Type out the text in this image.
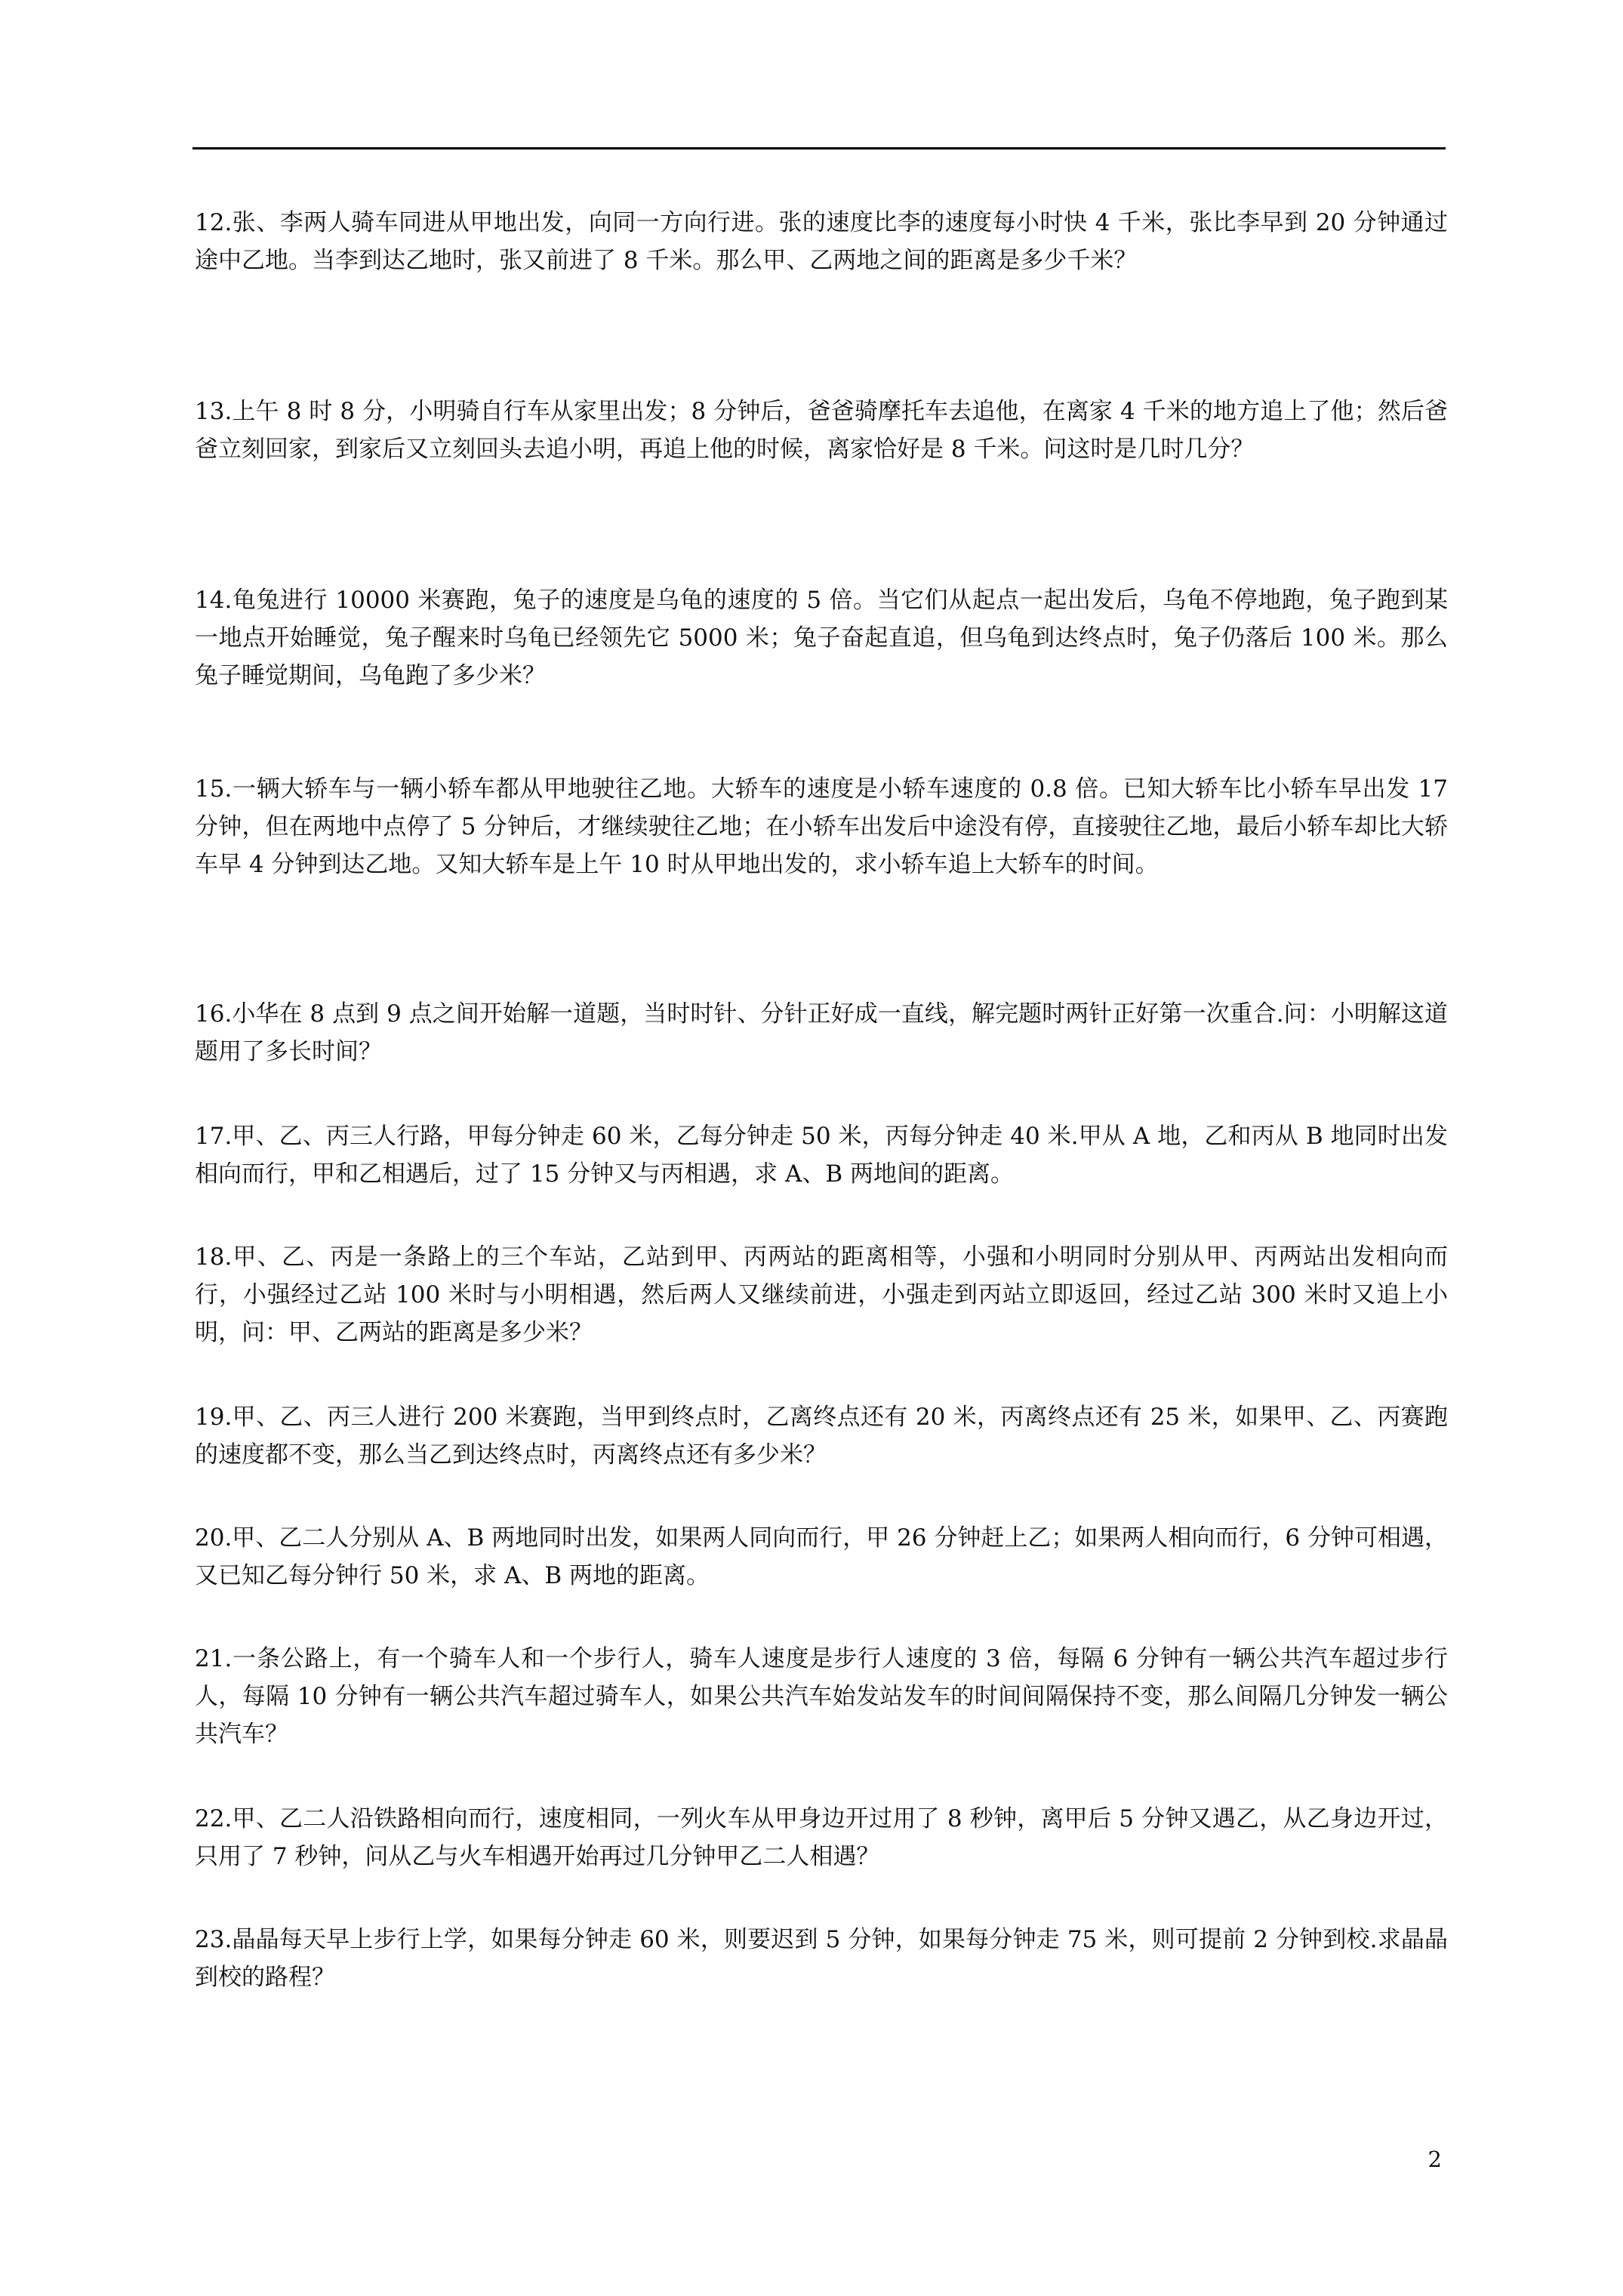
12.张、李两人骑车同进从甲地出发，向同一方向行进。张的速度比李的速度每小时快 4 千米，张比李早到 20 分钟通过途中乙地。当李到达乙地时，张又前进了 8 千米。那么甲、乙两地之间的距离是多少千米？
13.上午 8 时 8 分，小明骑自行车从家里出发；8 分钟后，爸爸骑摩托车去追他，在离家 4 千米的地方追上了他；然后爸爸立刻回家，到家后又立刻回头去追小明，再追上他的时候，离家恰好是 8 千米。问这时是几时几分？
14.龟兔进行 10000 米赛跑，兔子的速度是乌龟的速度的 5 倍。当它们从起点一起出发后，乌龟不停地跑，兔子跑到某一地点开始睡觉，兔子醒来时乌龟已经领先它 5000 米；兔子奋起直追，但乌龟到达终点时，兔子仍落后 100 米。那么兔子睡觉期间，乌龟跑了多少米？
15.一辆大轿车与一辆小轿车都从甲地驶往乙地。大轿车的速度是小轿车速度的 0.8 倍。已知大轿车比小轿车早出发 17 分钟，但在两地中点停了 5 分钟后，才继续驶往乙地；在小轿车出发后中途没有停，直接驶往乙地，最后小轿车却比大轿车早 4 分钟到达乙地。又知大轿车是上午 10 时从甲地出发的，求小轿车追上大轿车的时间。
16.小华在 8 点到 9 点之间开始解一道题，当时时针、分针正好成一直线，解完题时两针正好第一次重合.问：小明解这道题用了多长时间？
17.甲、乙、丙三人行路，甲每分钟走 60 米，乙每分钟走 50 米，丙每分钟走 40 米.甲从 A 地，乙和丙从 B 地同时出发相向而行，甲和乙相遇后，过了 15 分钟又与丙相遇，求 A、B 两地间的距离。
18.甲、乙、丙是一条路上的三个车站，乙站到甲、丙两站的距离相等，小强和小明同时分别从甲、丙两站出发相向而行，小强经过乙站 100 米时与小明相遇，然后两人又继续前进，小强走到丙站立即返回，经过乙站 300 米时又追上小明，问：甲、乙两站的距离是多少米？
19.甲、乙、丙三人进行 200 米赛跑，当甲到终点时，乙离终点还有 20 米，丙离终点还有 25 米，如果甲、乙、丙赛跑的速度都不变，那么当乙到达终点时，丙离终点还有多少米？
20.甲、乙二人分别从 A、B 两地同时出发，如果两人同向而行，甲 26 分钟赶上乙；如果两人相向而行，6 分钟可相遇，又已知乙每分钟行 50 米，求 A、B 两地的距离。
21.一条公路上，有一个骑车人和一个步行人，骑车人速度是步行人速度的 3 倍，每隔 6 分钟有一辆公共汽车超过步行人，每隔 10 分钟有一辆公共汽车超过骑车人，如果公共汽车始发站发车的时间间隔保持不变，那么间隔几分钟发一辆公共汽车？
22.甲、乙二人沿铁路相向而行，速度相同，一列火车从甲身边开过用了 8 秒钟，离甲后 5 分钟又遇乙，从乙身边开过，只用了 7 秒钟，问从乙与火车相遇开始再过几分钟甲乙二人相遇？
23.晶晶每天早上步行上学，如果每分钟走 60 米，则要迟到 5 分钟，如果每分钟走 75 米，则可提前 2 分钟到校.求晶晶到校的路程？
2
